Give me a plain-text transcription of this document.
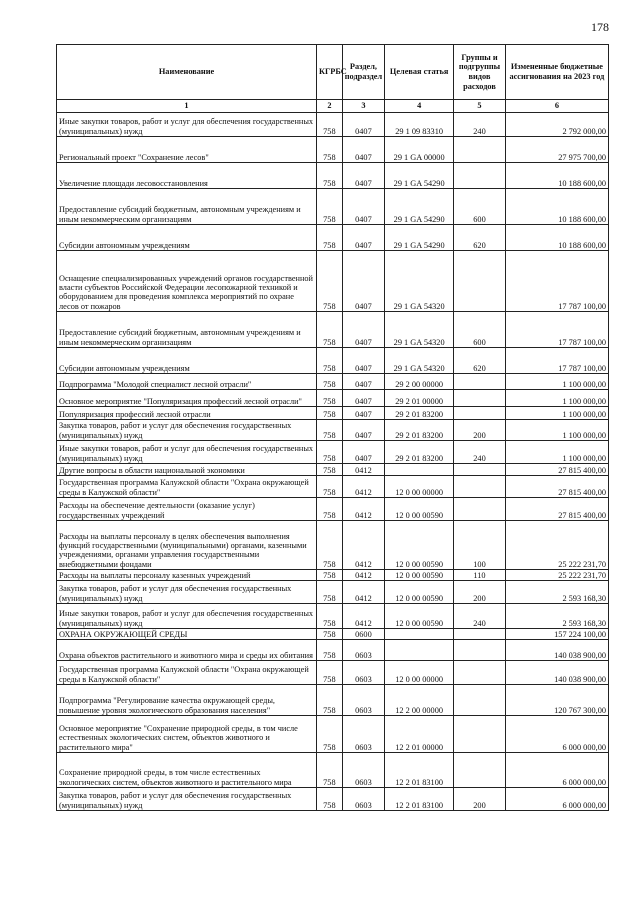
178
Наименование	КГРБС	Раздел, подраздел	Целевая статья	Группы и подгруппы видов расходов	Измененные бюджетные ассигнования на 2023 год
1	2	3	4	5	6
Иные закупки товаров, работ и услуг для обеспечения государственных (муниципальных) нужд	758	0407	29 1 09 83310	240	2 792 000,00
Региональный проект "Сохранение лесов"	758	0407	29 1 GA 00000		27 975 700,00
Увеличение площади лесовосстановления	758	0407	29 1 GA 54290		10 188 600,00
Предоставление субсидий бюджетным, автономным учреждениям и иным некоммерческим организациям	758	0407	29 1 GA 54290	600	10 188 600,00
Субсидии автономным учреждениям	758	0407	29 1 GA 54290	620	10 188 600,00
Оснащение специализированных учреждений органов государственной власти субъектов Российской Федерации лесопожарной техникой и оборудованием для проведения комплекса мероприятий по охране лесов от пожаров	758	0407	29 1 GA 54320		17 787 100,00
Предоставление субсидий бюджетным, автономным учреждениям и иным некоммерческим организациям	758	0407	29 1 GA 54320	600	17 787 100,00
Субсидии автономным учреждениям	758	0407	29 1 GA 54320	620	17 787 100,00
Подпрограмма "Молодой специалист лесной отрасли"	758	0407	29 2 00 00000		1 100 000,00
Основное мероприятие "Популяризация профессий лесной отрасли"	758	0407	29 2 01 00000		1 100 000,00
Популяризация профессий лесной отрасли	758	0407	29 2 01 83200		1 100 000,00
Закупка товаров, работ и услуг для обеспечения государственных (муниципальных) нужд	758	0407	29 2 01 83200	200	1 100 000,00
Иные закупки товаров, работ и услуг для обеспечения государственных (муниципальных) нужд	758	0407	29 2 01 83200	240	1 100 000,00
Другие вопросы в области национальной экономики	758	0412			27 815 400,00
Государственная программа Калужской области "Охрана окружающей среды в Калужской области"	758	0412	12 0 00 00000		27 815 400,00
Расходы на обеспечение деятельности (оказание услуг) государственных учреждений	758	0412	12 0 00 00590		27 815 400,00
Расходы на выплаты персоналу в целях обеспечения выполнения функций государственными (муниципальными) органами, казенными учреждениями, органами управления государственными внебюджетными фондами	758	0412	12 0 00 00590	100	25 222 231,70
Расходы на выплаты персоналу казенных учреждений	758	0412	12 0 00 00590	110	25 222 231,70
Закупка товаров, работ и услуг для обеспечения государственных (муниципальных) нужд	758	0412	12 0 00 00590	200	2 593 168,30
Иные закупки товаров, работ и услуг для обеспечения государственных (муниципальных) нужд	758	0412	12 0 00 00590	240	2 593 168,30
ОХРАНА ОКРУЖАЮЩЕЙ СРЕДЫ	758	0600			157 224 100,00
Охрана объектов растительного и животного мира и среды их обитания	758	0603			140 038 900,00
Государственная программа Калужской области "Охрана окружающей среды в Калужской области"	758	0603	12 0 00 00000		140 038 900,00
Подпрограмма "Регулирование качества окружающей среды, повышение уровня экологического образования населения"	758	0603	12 2 00 00000		120 767 300,00
Основное мероприятие "Сохранение природной среды, в том числе естественных экологических систем, объектов животного и растительного мира"	758	0603	12 2 01 00000		6 000 000,00
Сохранение природной среды, в том числе естественных экологических систем, объектов животного и растительного мира	758	0603	12 2 01 83100		6 000 000,00
Закупка товаров, работ и услуг для обеспечения государственных (муниципальных) нужд	758	0603	12 2 01 83100	200	6 000 000,00
